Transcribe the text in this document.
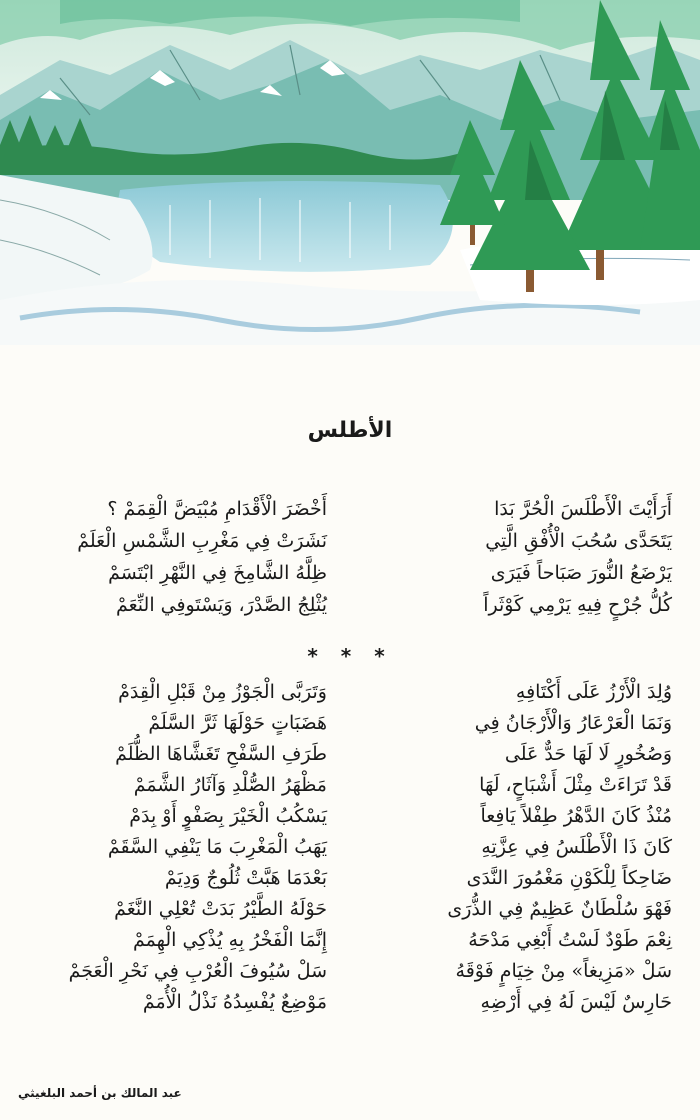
الأطلس
أَرَأَيْتَ الْأَطْلَسَ الْحُرَّ بَدَا
أَخْضَرَ الْأَقْدَامِ مُبْيَضَّ الْقِمَمْ ؟
يَتَحَدَّى سُحُبَ الْأُفْقِ الَّتِي
نَشَرَتْ فِي مَغْرِبِ الشَّمْسِ الْعَلَمْ
يَرْضَعُ النُّورَ صَبَاحاً فَيَرَى
ظِلَّهُ الشَّامِخَ فِي النَّهْرِ ابْتَسَمْ
كُلُّ جُرْحٍ فِيهِ يَرْمِي كَوْثَراً
يُثْلِجُ الصَّدْرَ، وَيَسْتَوفِي النِّعَمْ
* * *
وُلِدَ الْأَرْزُ عَلَى أَكْتَافِهِ
وَتَرَبَّى الْجَوْزُ مِنْ قَبْلِ الْقِدَمْ
وَنَمَا الْعَرْعَارُ وَالْأَرْجَانُ فِي
هَضَبَاتٍ حَوْلَهَا ثَرَّ السَّلَمْ
وَصُخُورٍ لَا لَهَا حَدٌّ عَلَى
طَرَفِ السَّفْحِ تَغَشَّاهَا الظُّلَمْ
قَدْ تَرَاءَتْ مِثْلَ أَشْبَاحٍ، لَهَا
مَظْهَرُ الصُّلْدِ وَآثَارُ الشَّمَمْ
مُنْذُ كَانَ الدَّهْرُ طِفْلاً يَافِعاً
يَسْكُبُ الْخَيْرَ بِصَفْوٍ أَوْ بِدَمْ
كَانَ ذَا الْأَطْلَسُ فِي عِزَّتِهِ
يَهَبُ الْمَغْرِبَ مَا يَنْفِي السَّقَمْ
ضَاحِكاً لِلْكَوْنِ مَغْمُورَ النَّدَى
بَعْدَمَا هَبَّتْ ثُلُوجٌ وَدِيَمْ
فَهْوَ سُلْطَانٌ عَظِيمٌ فِي الذُّرَى
حَوْلَهُ الطَّيْرُ بَدَتْ تُعْلِي النَّغَمْ
نِعْمَ طَوْدٌ لَسْتُ أَبْغِي مَدْحَهُ
إِنَّمَا الْفَخْرُ بِهِ يُذْكِي الْهِمَمْ
سَلْ «مَزِيغاً» مِنْ خِيَامٍ فَوْقَهُ
سَلْ سُيُوفَ الْعُرْبِ فِي نَحْرِ الْعَجَمْ
حَارِسٌ لَيْسَ لَهُ فِي أَرْضِهِ
مَوْضِعٌ يُفْسِدُهُ نَذْلُ الْأُمَمْ
عبد المالك بن أحمد البلغيثي
